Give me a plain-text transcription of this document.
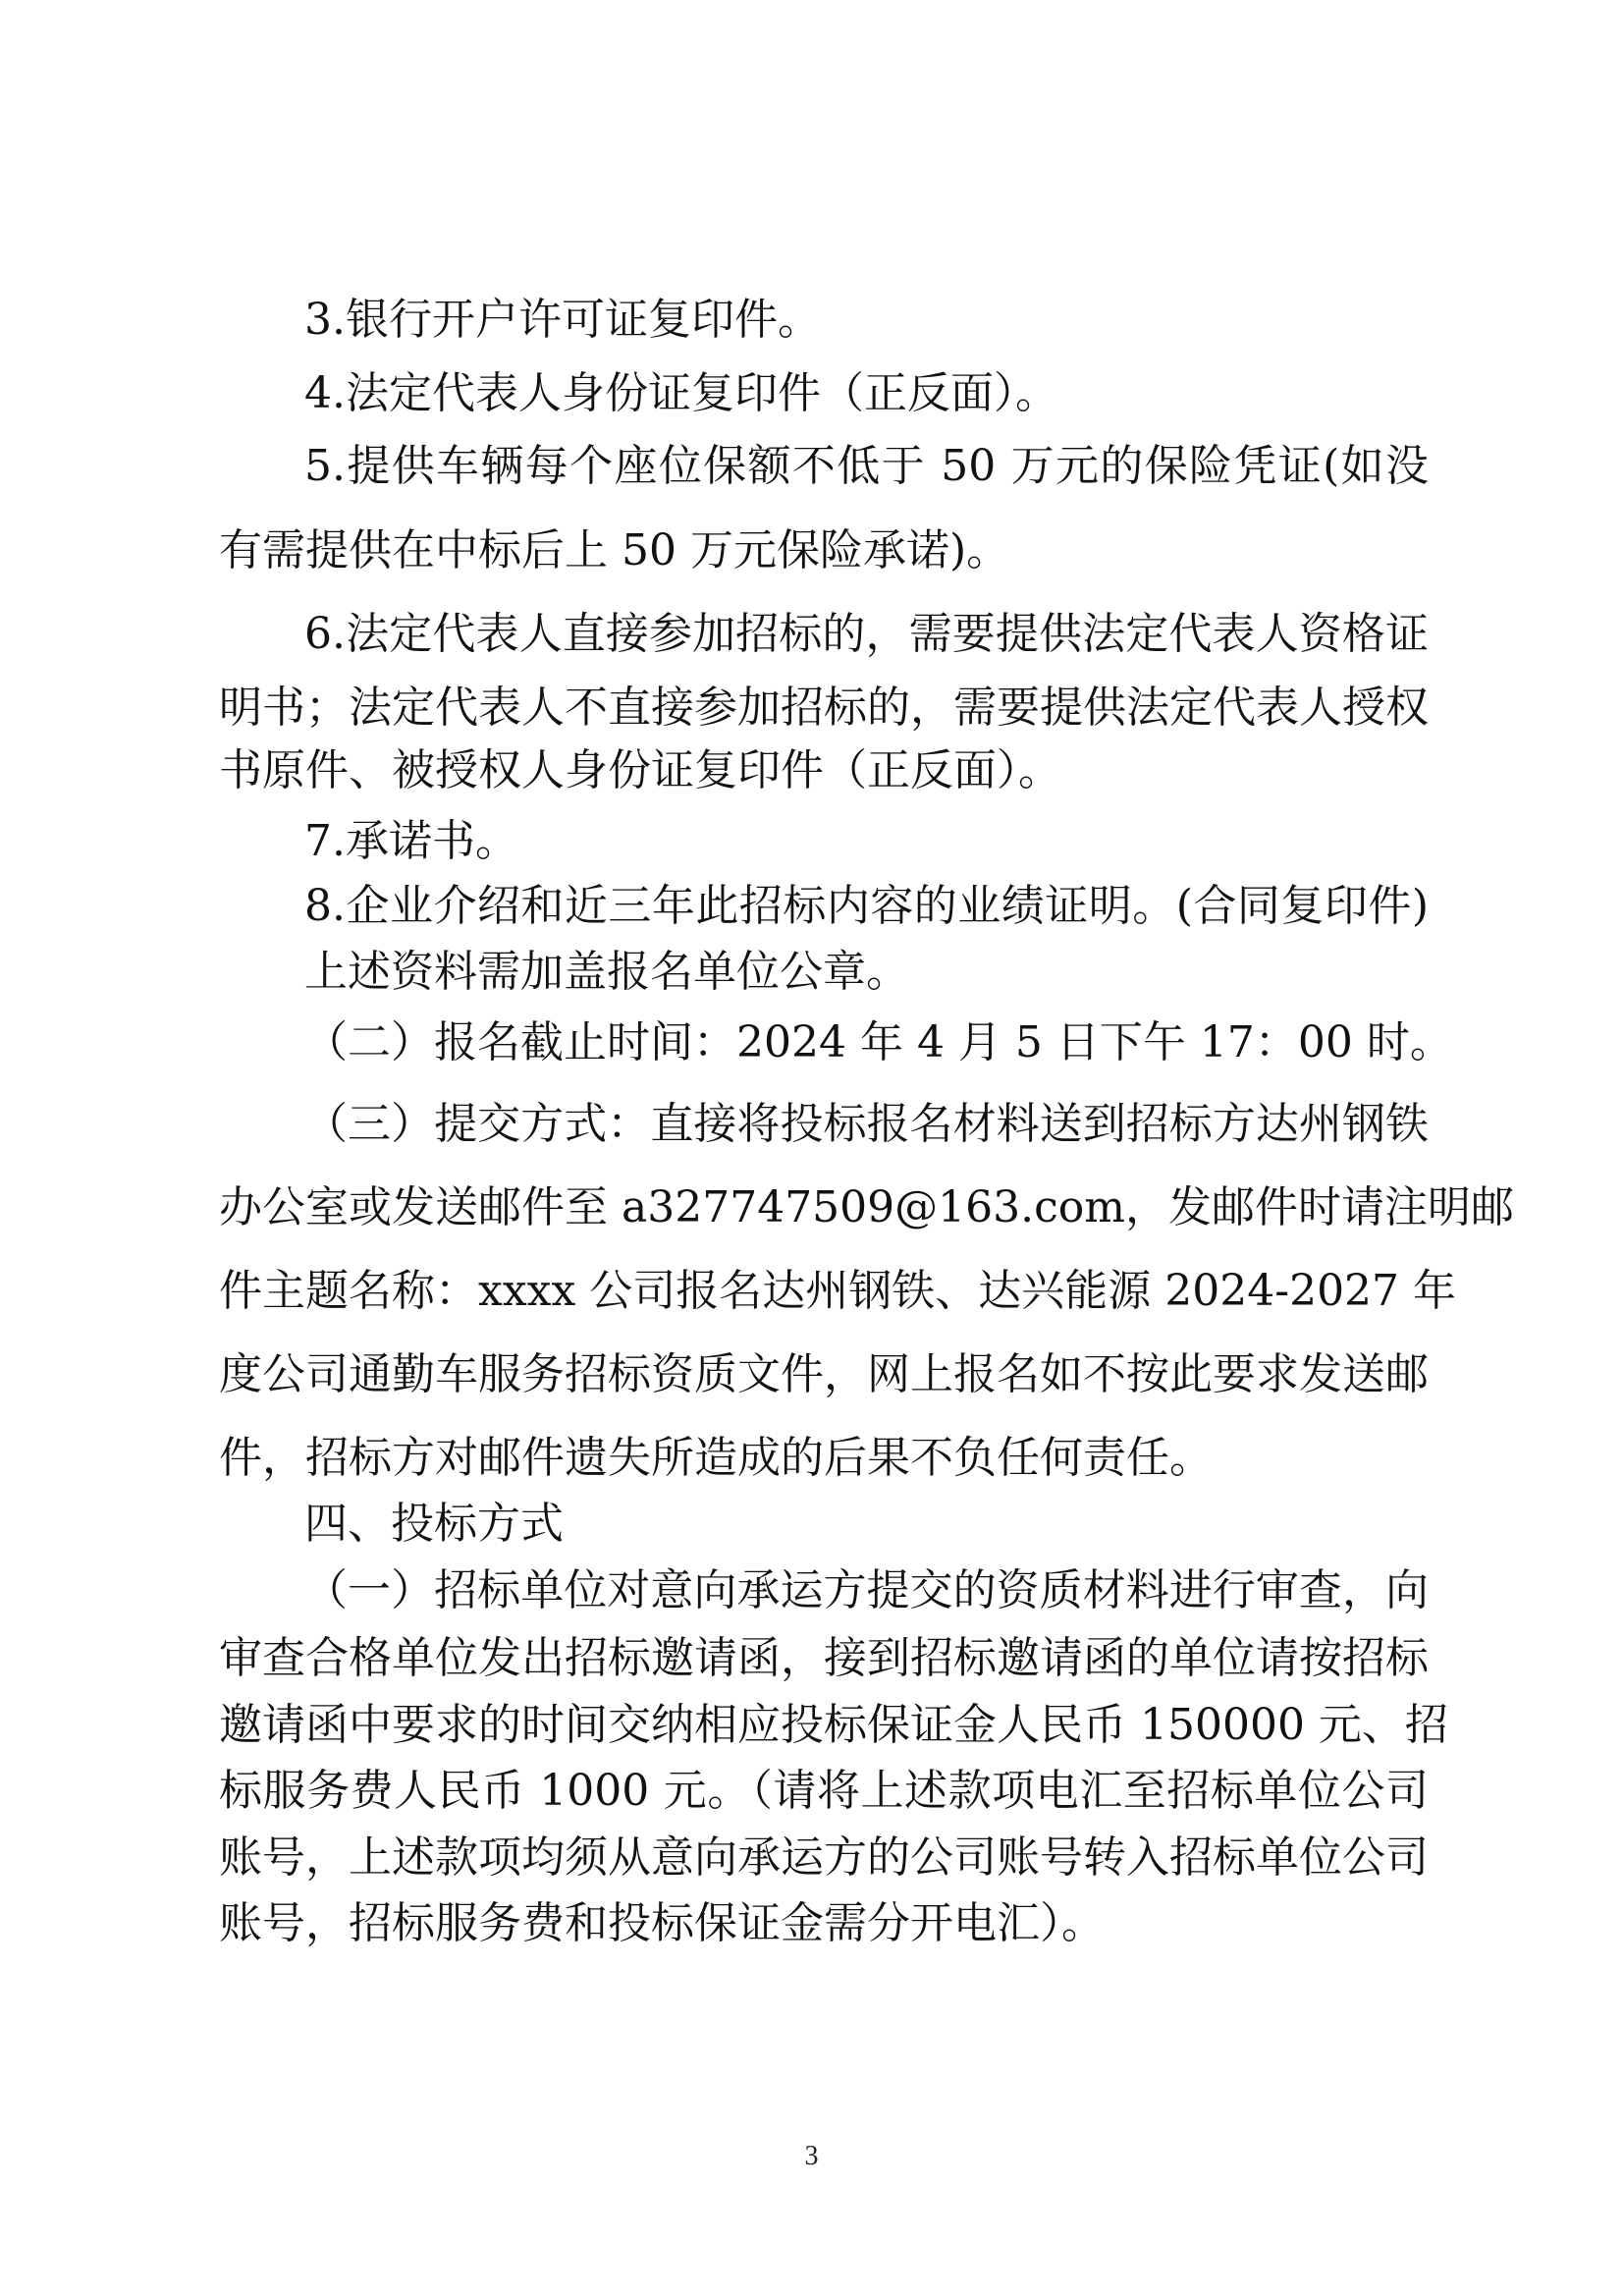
3.银行开户许可证复印件。
4.法定代表人身份证复印件（正反面）。
5.提供车辆每个座位保额不低于 50 万元的保险凭证(如没
有需提供在中标后上 50 万元保险承诺)。
6.法定代表人直接参加招标的，需要提供法定代表人资格证
明书；法定代表人不直接参加招标的，需要提供法定代表人授权
书原件、被授权人身份证复印件（正反面）。
7.承诺书。
8.企业介绍和近三年此招标内容的业绩证明。(合同复印件)
上述资料需加盖报名单位公章。
（二）报名截止时间：2024 年 4 月 5 日下午 17：00 时。
（三）提交方式：直接将投标报名材料送到招标方达州钢铁
办公室或发送邮件至 a327747509@163.com，发邮件时请注明邮
件主题名称：xxxx 公司报名达州钢铁、达兴能源 2024-2027 年
度公司通勤车服务招标资质文件，网上报名如不按此要求发送邮
件，招标方对邮件遗失所造成的后果不负任何责任。
四、投标方式
（一）招标单位对意向承运方提交的资质材料进行审查，向
审查合格单位发出招标邀请函，接到招标邀请函的单位请按招标
邀请函中要求的时间交纳相应投标保证金人民币 150000 元、招
标服务费人民币 1000 元。（请将上述款项电汇至招标单位公司
账号，上述款项均须从意向承运方的公司账号转入招标单位公司
账号，招标服务费和投标保证金需分开电汇）。
3
